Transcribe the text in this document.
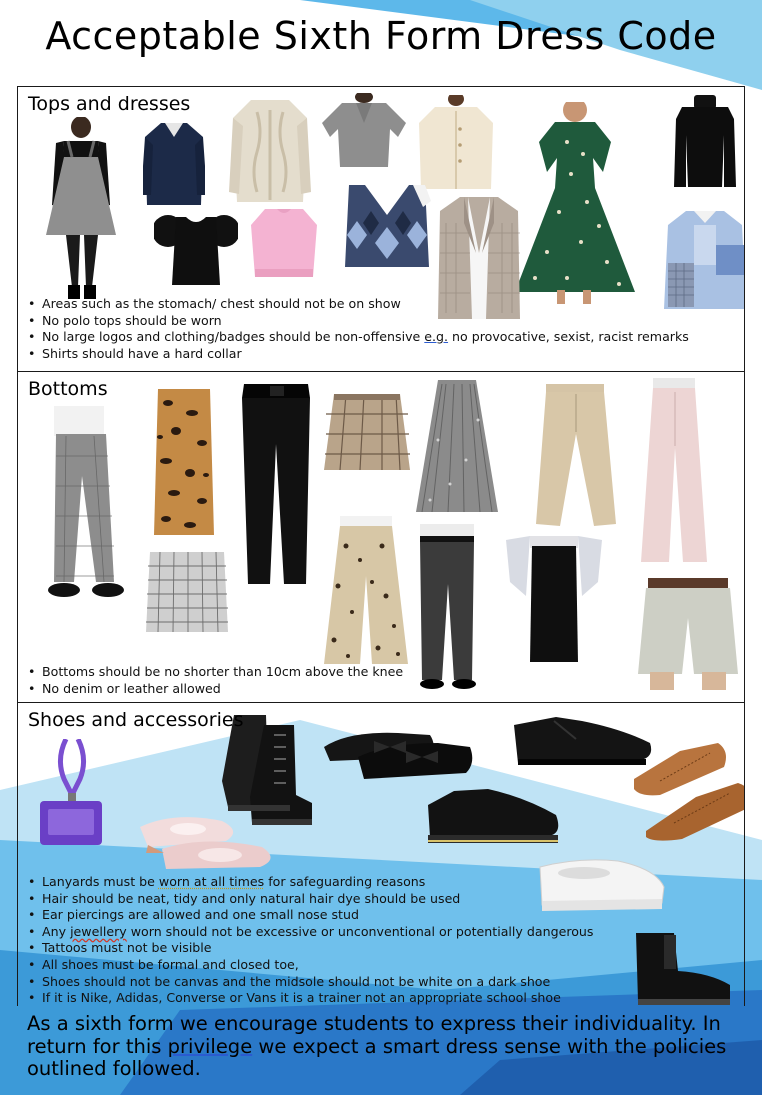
Acceptable Sixth Form Dress Code
Tops and dresses
• Areas such as the stomach/ chest should not be on show
• No polo tops should be worn
• No large logos and clothing/badges should be non-offensive e.g. no provocative, sexist, racist remarks
• Shirts should have a hard collar
Bottoms
• Bottoms should be no shorter than 10cm above the knee
• No denim or leather allowed
Shoes and accessories
• Lanyards must be worn at all times for safeguarding reasons
• Hair should be neat, tidy and only natural hair dye should be used
• Ear piercings are allowed and one small nose stud
• Any jewellery worn should not be excessive or unconventional or potentially dangerous
• Tattoos must not be visible
• All shoes must be formal and closed toe,
• Shoes should not be canvas and the midsole should not be white on a dark shoe
• If it is Nike, Adidas, Converse or Vans it is a trainer not an appropriate school shoe

As a sixth form we encourage students to express their individuality. In return for this privilege we expect a smart dress sense with the policies outlined followed.
